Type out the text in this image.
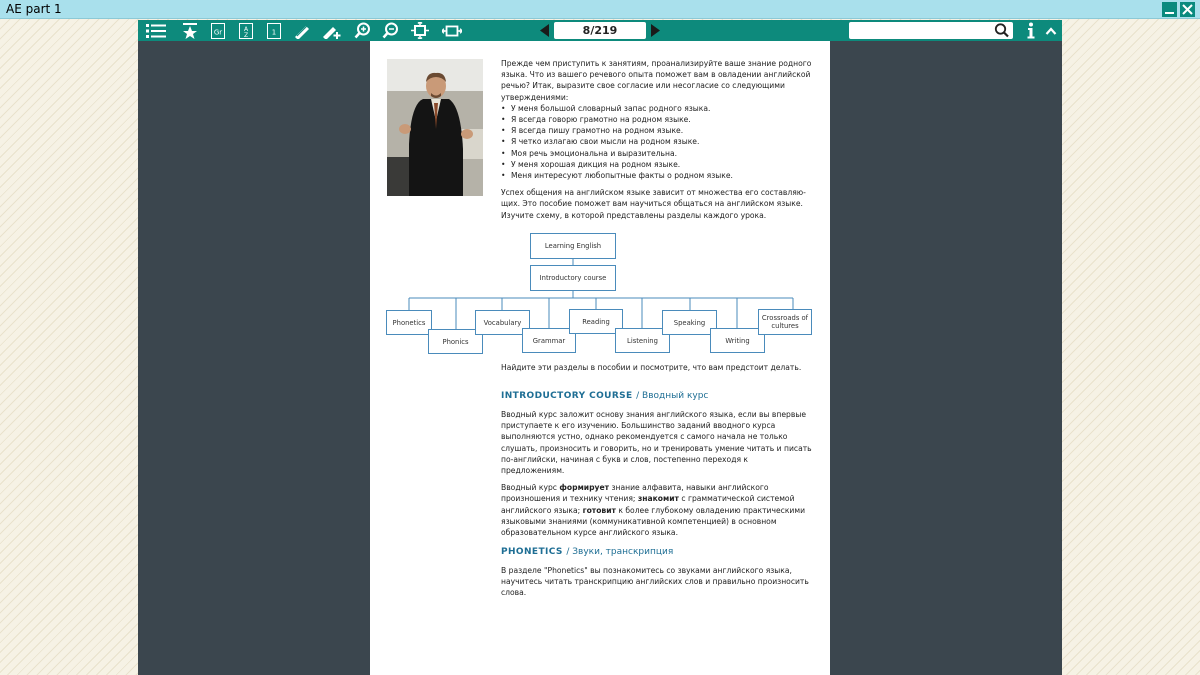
AE part 1
Gr	A
Z	1	8/219

Прежде чем приступить к занятиям, проанализируйте ваше знание родного языка. Что из вашего речевого опыта поможет вам в овладении английской речью? Итак, выразите свое согласие или несогласие со следующими утверждениями:

• У меня большой словарный запас родного языка.
• Я всегда говорю грамотно на родном языке.
• Я всегда пишу грамотно на родном языке.
• Я четко излагаю свои мысли на родном языке.
• Моя речь эмоциональна и выразительна.
• У меня хорошая дикция на родном языке.
• Меня интересуют любопытные факты о родном языке.

Успех общения на английском языке зависит от множества его составляю-щих. Это пособие поможет вам научиться общаться на английском языке. Изучите схему, в которой представлены разделы каждого урока.

Learning English
Introductory course
Phonetics
Phonics
Vocabulary
Grammar
Reading
Listening
Speaking
Writing
Crossroads of cultures

Найдите эти разделы в пособии и посмотрите, что вам предстоит делать.

INTRODUCTORY COURSE / Вводный курс

Вводный курс заложит основу знания английского языка, если вы впервые приступаете к его изучению. Большинство заданий вводного курса выполняются устно, однако рекомендуется с самого начала не только слушать, произносить и говорить, но и тренировать умение читать и писать по-английски, начиная с букв и слов, постепенно переходя к предложениям.

Вводный курс формирует знание алфавита, навыки английского произношения и технику чтения; знакомит с грамматической системой английского языка; готовит к более глубокому овладению практическими языковыми знаниями (коммуникативной компетенцией) в основном образовательном курсе английского языка.

PHONETICS / Звуки, транскрипция

В разделе "Phonetics" вы познакомитесь со звуками английского языка, научитесь читать транскрипцию английских слов и правильно произносить слова.
